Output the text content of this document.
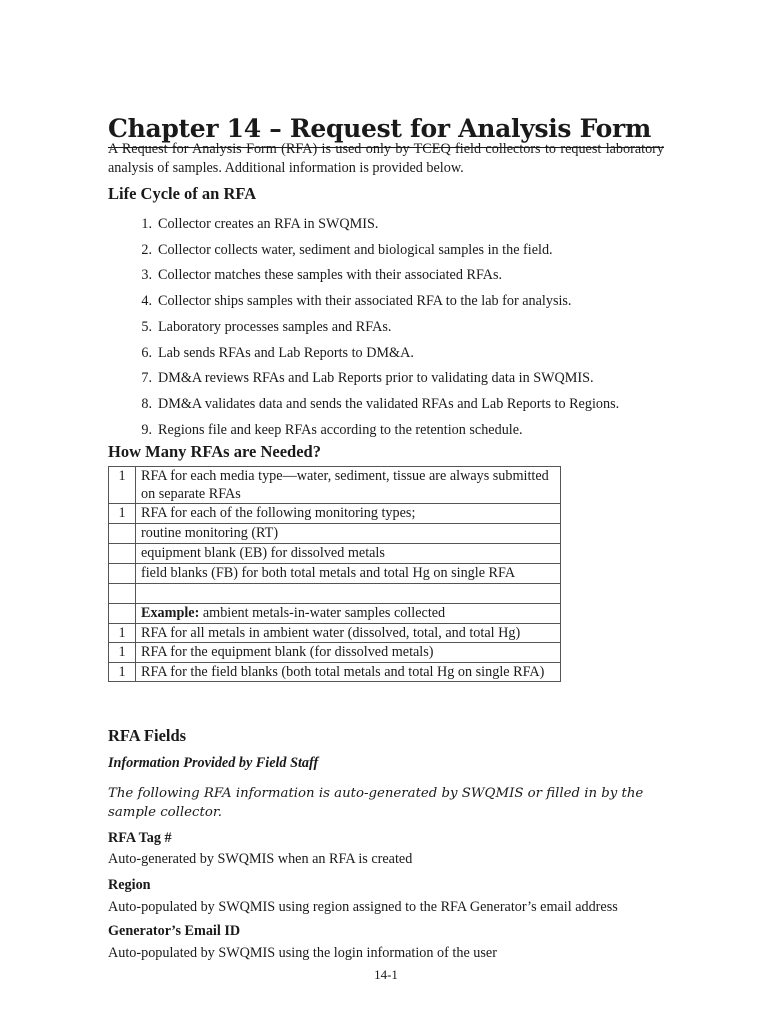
Chapter 14 – Request for Analysis Form

A Request for Analysis Form (RFA) is used only by TCEQ field collectors to request laboratory analysis of samples. Additional information is provided below.

Life Cycle of an RFA
1. Collector creates an RFA in SWQMIS.
2. Collector collects water, sediment and biological samples in the field.
3. Collector matches these samples with their associated RFAs.
4. Collector ships samples with their associated RFA to the lab for analysis.
5. Laboratory processes samples and RFAs.
6. Lab sends RFAs and Lab Reports to DM&A.
7. DM&A reviews RFAs and Lab Reports prior to validating data in SWQMIS.
8. DM&A validates data and sends the validated RFAs and Lab Reports to Regions.
9. Regions file and keep RFAs according to the retention schedule.
How Many RFAs are Needed?
1	RFA for each media type—water, sediment, tissue are always submitted on separate RFAs
1	RFA for each of the following monitoring types;
	routine monitoring (RT)
	equipment blank (EB) for dissolved metals
	field blanks (FB) for both total metals and total Hg on single RFA

	Example: ambient metals-in-water samples collected
1	RFA for all metals in ambient water (dissolved, total, and total Hg)
1	RFA for the equipment blank (for dissolved metals)
1	RFA for the field blanks (both total metals and total Hg on single RFA)
RFA Fields
Information Provided by Field Staff
The following RFA information is auto-generated by SWQMIS or filled in by the sample collector.
RFA Tag #
Auto-generated by SWQMIS when an RFA is created
Region
Auto-populated by SWQMIS using region assigned to the RFA Generator’s email address
Generator’s Email ID
Auto-populated by SWQMIS using the login information of the user
14-1
